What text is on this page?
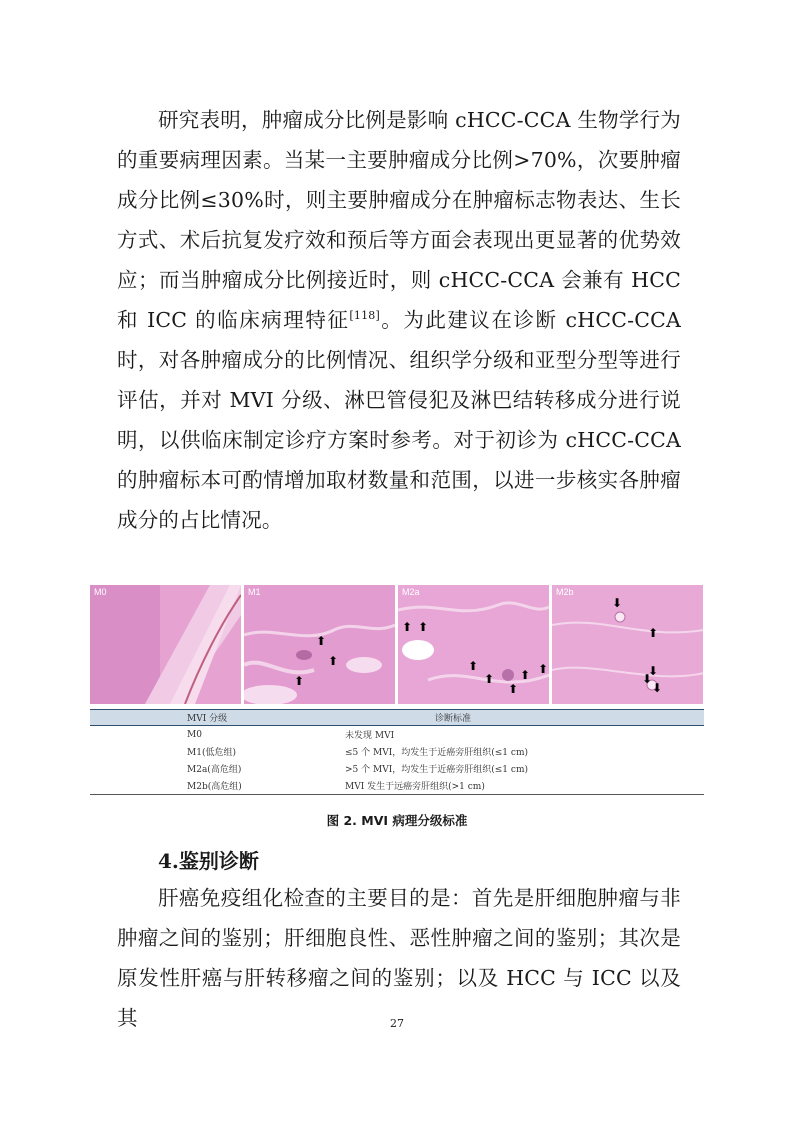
研究表明，肿瘤成分比例是影响 cHCC-CCA 生物学行为的重要病理因素。当某一主要肿瘤成分比例>70%，次要肿瘤成分比例≤30%时，则主要肿瘤成分在肿瘤标志物表达、生长方式、术后抗复发疗效和预后等方面会表现出更显著的优势效应；而当肿瘤成分比例接近时，则 cHCC-CCA 会兼有 HCC 和 ICC 的临床病理特征[118]。为此建议在诊断 cHCC-CCA 时，对各肿瘤成分的比例情况、组织学分级和亚型分型等进行评估，并对 MVI 分级、淋巴管侵犯及淋巴结转移成分进行说明，以供临床制定诊疗方案时参考。对于初诊为 cHCC-CCA 的肿瘤标本可酌情增加取材数量和范围，以进一步核实各肿瘤成分的占比情况。

M0	M1
⬆
⬆
⬆
M2a
⬆ ⬆
⬆
⬆
⬆
⬆ ⬆
M2b
⬇
⬆
⬇
⬇
⬇
MVI 分级	诊断标准
M0	未发现 MVI
M1(低危组)	≤5 个 MVI，均发生于近癌旁肝组织(≤1 cm)
M2a(高危组)	>5 个 MVI，均发生于近癌旁肝组织(≤1 cm)
M2b(高危组)	MVI 发生于远癌旁肝组织(>1 cm)
图 2. MVI 病理分级标准
4.鉴别诊断

肝癌免疫组化检查的主要目的是：首先是肝细胞肿瘤与非肿瘤之间的鉴别；肝细胞良性、恶性肿瘤之间的鉴别；其次是原发性肝癌与肝转移瘤之间的鉴别；以及 HCC 与 ICC 以及其	27
